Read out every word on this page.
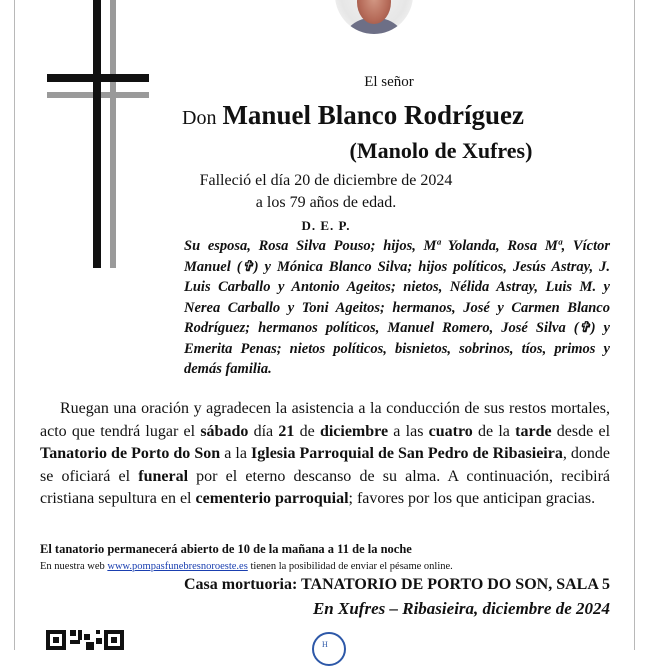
El señor
Don Manuel Blanco Rodríguez
(Manolo de Xufres)
Falleció el día 20 de diciembre de 2024
a los 79 años de edad.
D. E. P.
Su esposa, Rosa Silva Pouso; hijos, Mª Yolanda, Rosa Mª, Víctor Manuel (✞) y Mónica Blanco Silva; hijos políticos, Jesús Astray, J. Luis Carballo y Antonio Ageitos; nietos, Nélida Astray, Luis M. y Nerea Carballo y Toni Ageitos; hermanos, José y Carmen Blanco Rodríguez; hermanos políticos, Manuel Romero, José Silva (✞) y Emerita Penas; nietos políticos, bisnietos, sobrinos, tíos, primos y demás familia.
Ruegan una oración y agradecen la asistencia a la conducción de sus restos mortales, acto que tendrá lugar el sábado día 21 de diciembre a las cuatro de la tarde desde el Tanatorio de Porto do Son a la Iglesia Parroquial de San Pedro de Ribasieira, donde se oficiará el funeral por el eterno descanso de su alma. A continuación, recibirá cristiana sepultura en el cementerio parroquial; favores por los que anticipan gracias.
El tanatorio permanecerá abierto de 10 de la mañana a 11 de la noche
En nuestra web www.pompasfunebresnoroeste.es tienen la posibilidad de enviar el pésame online.
Casa mortuoria: TANATORIO DE PORTO DO SON, SALA 5
En Xufres – Ribasieira, diciembre de 2024
H
